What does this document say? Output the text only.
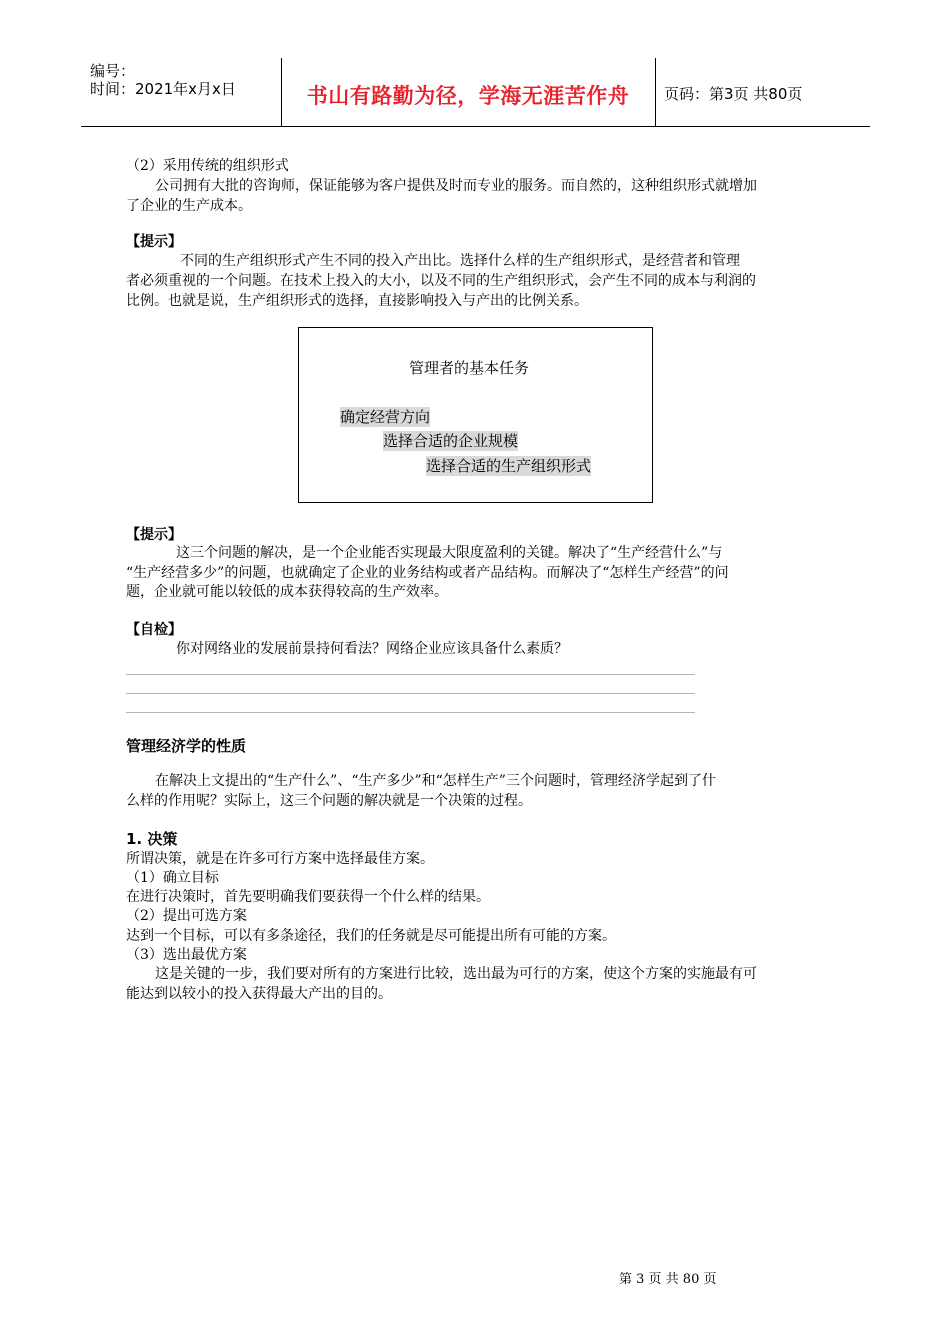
编号：
时间：2021年x月x日	书山有路勤为径，学海无涯苦作舟	页码：第3页 共80页
（2）采用传统的组织形式
公司拥有大批的咨询师，保证能够为客户提供及时而专业的服务。而自然的，这种组织形式就增加
了企业的生产成本。
【提示】
不同的生产组织形式产生不同的投入产出比。选择什么样的生产组织形式，是经营者和管理
者必须重视的一个问题。在技术上投入的大小，以及不同的生产组织形式，会产生不同的成本与利润的
比例。也就是说，生产组织形式的选择，直接影响投入与产出的比例关系。
管理者的基本任务
确定经营方向
选择合适的企业规模
选择合适的生产组织形式
【提示】
这三个问题的解决，是一个企业能否实现最大限度盈利的关键。解决了“生产经营什么”与
“生产经营多少”的问题，也就确定了企业的业务结构或者产品结构。而解决了“怎样生产经营”的问
题，企业就可能以较低的成本获得较高的生产效率。
【自检】
你对网络业的发展前景持何看法？网络企业应该具备什么素质？
管理经济学的性质
在解决上文提出的“生产什么”、“生产多少”和“怎样生产”三个问题时，管理经济学起到了什
么样的作用呢？实际上，这三个问题的解决就是一个决策的过程。
1. 决策
所谓决策，就是在许多可行方案中选择最佳方案。
（1）确立目标
在进行决策时，首先要明确我们要获得一个什么样的结果。
（2）提出可选方案
达到一个目标，可以有多条途径，我们的任务就是尽可能提出所有可能的方案。
（3）选出最优方案
这是关键的一步，我们要对所有的方案进行比较，选出最为可行的方案，使这个方案的实施最有可
能达到以较小的投入获得最大产出的目的。
第 3 页 共 80 页
